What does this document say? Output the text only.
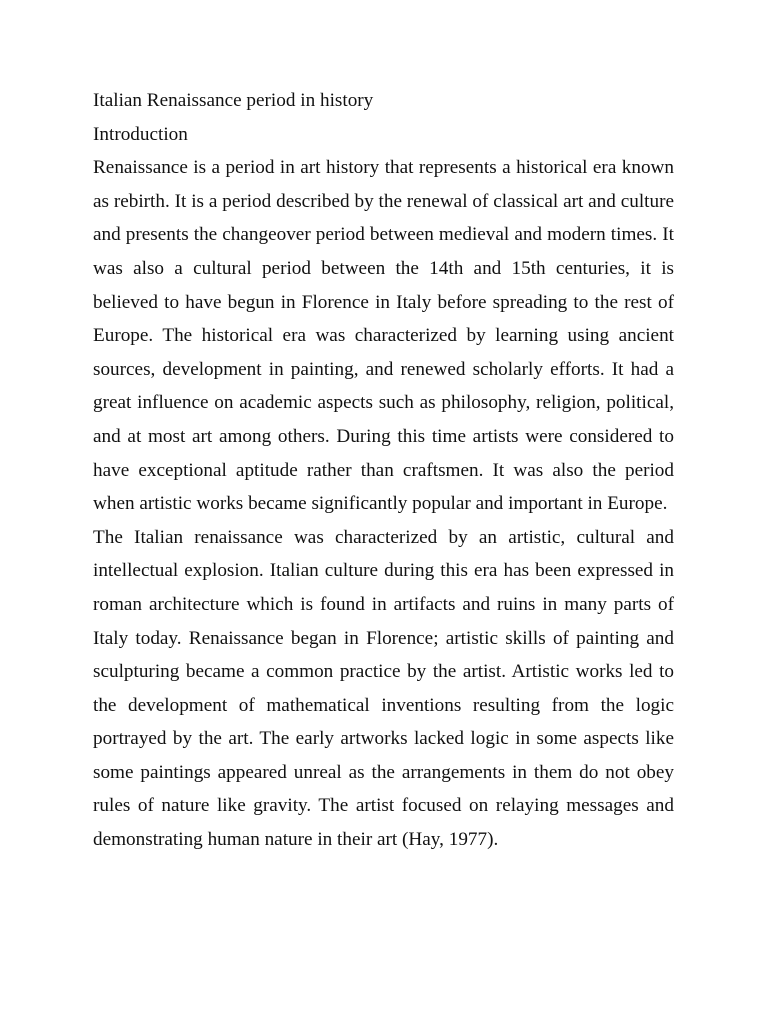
Italian Renaissance period in history

Introduction

Renaissance is a period in art history that represents a historical era known as rebirth. It is a period described by the renewal of classical art and culture and presents the changeover period between medieval and modern times. It was also a cultural period between the 14th and 15th centuries, it is believed to have begun in Florence in Italy before spreading to the rest of Europe. The historical era was characterized by learning using ancient sources, development in painting, and renewed scholarly efforts. It had a great influence on academic aspects such as philosophy, religion, political, and at most art among others. During this time artists were considered to have exceptional aptitude rather than craftsmen. It was also the period when artistic works became significantly popular and important in Europe.

The Italian renaissance was characterized by an artistic, cultural and intellectual explosion. Italian culture during this era has been expressed in roman architecture which is found in artifacts and ruins in many parts of Italy today. Renaissance began in Florence; artistic skills of painting and sculpturing became a common practice by the artist. Artistic works led to the development of mathematical inventions resulting from the logic portrayed by the art. The early artworks lacked logic in some aspects like some paintings appeared unreal as the arrangements in them do not obey rules of nature like gravity. The artist focused on relaying messages and demonstrating human nature in their art (Hay, 1977).
